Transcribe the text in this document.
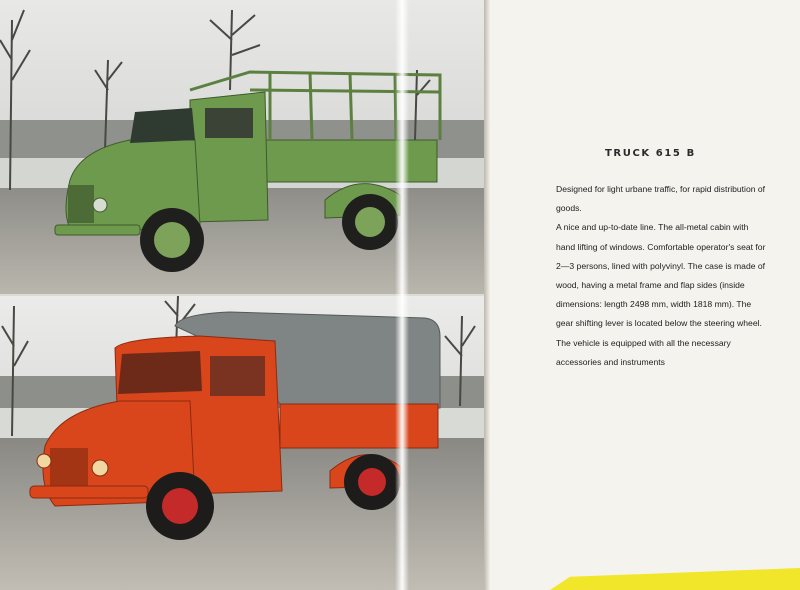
TRUCK 615 B

Designed for light urbane traffic, for rapid distribution of goods.

A nice and up-to-date line. The all-metal cabin with hand lifting of windows. Comfortable operator's seat for 2—3 persons, lined with polyvinyl. The case is made of wood, having a metal frame and flap sides (inside dimensions: length 2498 mm, width 1818 mm). The gear shifting lever is located below the steering wheel. The vehicle is equipped with all the necessary accessories and instruments
